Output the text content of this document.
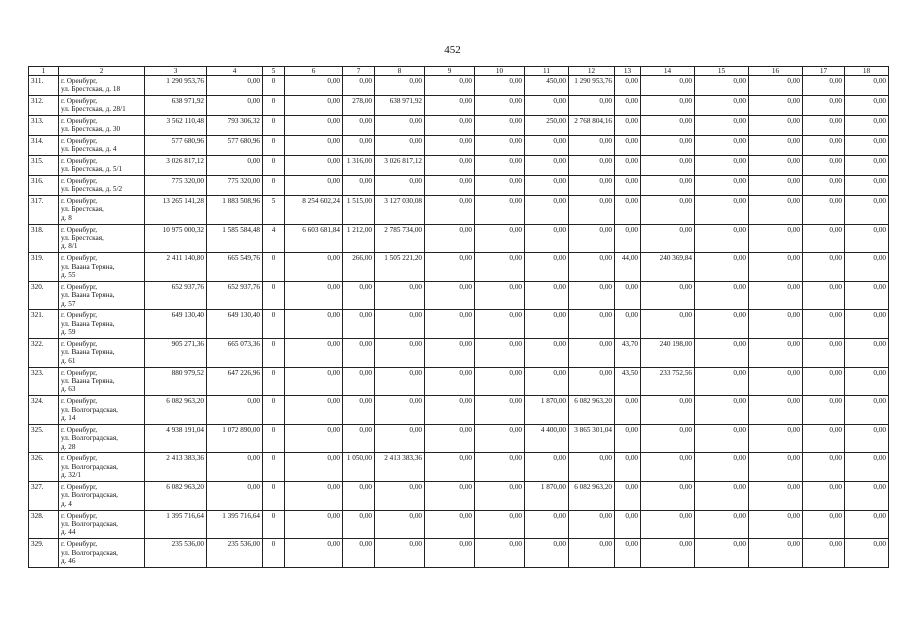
452
1	2	3	4	5	6	7	8	9	10	11	12	13	14	15	16	17	18
311.	г. Оренбург,
ул. Брестская, д. 18	1 290 953,76	0,00	0	0,00	0,00	0,00	0,00	0,00	450,00	1 290 953,76	0,00	0,00	0,00	0,00	0,00	0,00
312.	г. Оренбург,
ул. Брестская, д. 28/1	638 971,92	0,00	0	0,00	278,00	638 971,92	0,00	0,00	0,00	0,00	0,00	0,00	0,00	0,00	0,00	0,00
313.	г. Оренбург,
ул. Брестская, д. 30	3 562 110,48	793 306,32	0	0,00	0,00	0,00	0,00	0,00	250,00	2 768 804,16	0,00	0,00	0,00	0,00	0,00	0,00
314.	г. Оренбург,
ул. Брестская, д. 4	577 680,96	577 680,96	0	0,00	0,00	0,00	0,00	0,00	0,00	0,00	0,00	0,00	0,00	0,00	0,00	0,00
315.	г. Оренбург,
ул. Брестская, д. 5/1	3 026 817,12	0,00	0	0,00	1 316,00	3 026 817,12	0,00	0,00	0,00	0,00	0,00	0,00	0,00	0,00	0,00	0,00
316.	г. Оренбург,
ул. Брестская, д. 5/2	775 320,00	775 320,00	0	0,00	0,00	0,00	0,00	0,00	0,00	0,00	0,00	0,00	0,00	0,00	0,00	0,00
317.	г. Оренбург,
ул. Брестская,
д. 8	13 265 141,28	1 883 508,96	5	8 254 602,24	1 515,00	3 127 030,08	0,00	0,00	0,00	0,00	0,00	0,00	0,00	0,00	0,00	0,00
318.	г. Оренбург,
ул. Брестская,
д. 8/1	10 975 000,32	1 585 584,48	4	6 603 681,84	1 212,00	2 785 734,00	0,00	0,00	0,00	0,00	0,00	0,00	0,00	0,00	0,00	0,00
319.	г. Оренбург,
ул. Ваана Теряна,
д. 55	2 411 140,80	665 549,76	0	0,00	266,00	1 505 221,20	0,00	0,00	0,00	0,00	44,00	240 369,84	0,00	0,00	0,00	0,00
320.	г. Оренбург,
ул. Ваана Теряна,
д. 57	652 937,76	652 937,76	0	0,00	0,00	0,00	0,00	0,00	0,00	0,00	0,00	0,00	0,00	0,00	0,00	0,00
321.	г. Оренбург,
ул. Ваана Теряна,
д. 59	649 130,40	649 130,40	0	0,00	0,00	0,00	0,00	0,00	0,00	0,00	0,00	0,00	0,00	0,00	0,00	0,00
322.	г. Оренбург,
ул. Ваана Теряна,
д. 61	905 271,36	665 073,36	0	0,00	0,00	0,00	0,00	0,00	0,00	0,00	43,70	240 198,00	0,00	0,00	0,00	0,00
323.	г. Оренбург,
ул. Ваана Теряна,
д. 63	880 979,52	647 226,96	0	0,00	0,00	0,00	0,00	0,00	0,00	0,00	43,50	233 752,56	0,00	0,00	0,00	0,00
324.	г. Оренбург,
ул. Волгоградская,
д. 14	6 082 963,20	0,00	0	0,00	0,00	0,00	0,00	0,00	1 870,00	6 082 963,20	0,00	0,00	0,00	0,00	0,00	0,00
325.	г. Оренбург,
ул. Волгоградская,
д. 28	4 938 191,04	1 072 890,00	0	0,00	0,00	0,00	0,00	0,00	4 400,00	3 865 301,04	0,00	0,00	0,00	0,00	0,00	0,00
326.	г. Оренбург,
ул. Волгоградская,
д. 32/1	2 413 383,36	0,00	0	0,00	1 050,00	2 413 383,36	0,00	0,00	0,00	0,00	0,00	0,00	0,00	0,00	0,00	0,00
327.	г. Оренбург,
ул. Волгоградская,
д. 4	6 082 963,20	0,00	0	0,00	0,00	0,00	0,00	0,00	1 870,00	6 082 963,20	0,00	0,00	0,00	0,00	0,00	0,00
328.	г. Оренбург,
ул. Волгоградская,
д. 44	1 395 716,64	1 395 716,64	0	0,00	0,00	0,00	0,00	0,00	0,00	0,00	0,00	0,00	0,00	0,00	0,00	0,00
329.	г. Оренбург,
ул. Волгоградская,
д. 46	235 536,00	235 536,00	0	0,00	0,00	0,00	0,00	0,00	0,00	0,00	0,00	0,00	0,00	0,00	0,00	0,00
